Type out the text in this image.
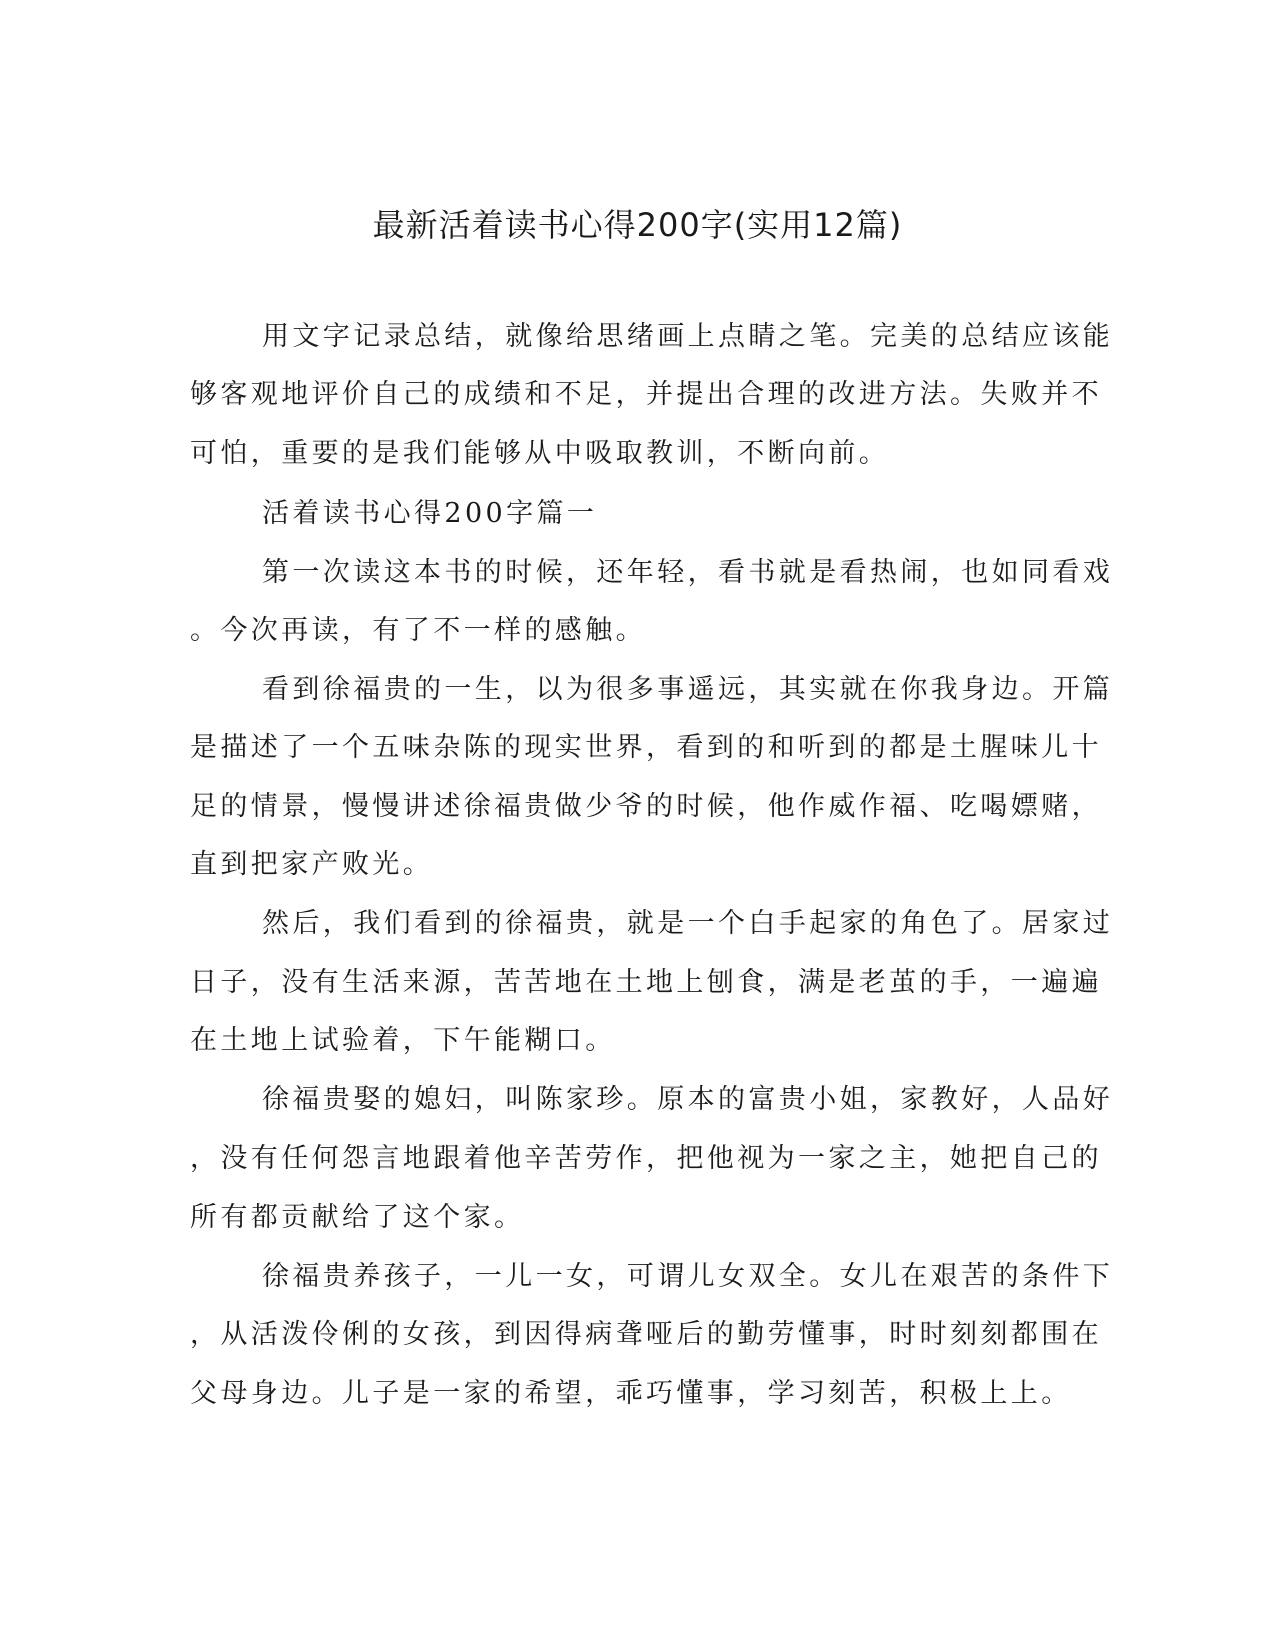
最新活着读书心得200字(实用12篇)

用文字记录总结，就像给思绪画上点睛之笔。完美的总结应该能

够客观地评价自己的成绩和不足，并提出合理的改进方法。失败并不

可怕，重要的是我们能够从中吸取教训，不断向前。

活着读书心得200字篇一

第一次读这本书的时候，还年轻，看书就是看热闹，也如同看戏

。今次再读，有了不一样的感触。

看到徐福贵的一生，以为很多事遥远，其实就在你我身边。开篇

是描述了一个五味杂陈的现实世界，看到的和听到的都是土腥味儿十

足的情景，慢慢讲述徐福贵做少爷的时候，他作威作福、吃喝嫖赌，

直到把家产败光。

然后，我们看到的徐福贵，就是一个白手起家的角色了。居家过

日子，没有生活来源，苦苦地在土地上刨食，满是老茧的手，一遍遍

在土地上试验着，下午能糊口。

徐福贵娶的媳妇，叫陈家珍。原本的富贵小姐，家教好，人品好

，没有任何怨言地跟着他辛苦劳作，把他视为一家之主，她把自己的

所有都贡献给了这个家。

徐福贵养孩子，一儿一女，可谓儿女双全。女儿在艰苦的条件下

，从活泼伶俐的女孩，到因得病聋哑后的勤劳懂事，时时刻刻都围在

父母身边。儿子是一家的希望，乖巧懂事，学习刻苦，积极上上。
